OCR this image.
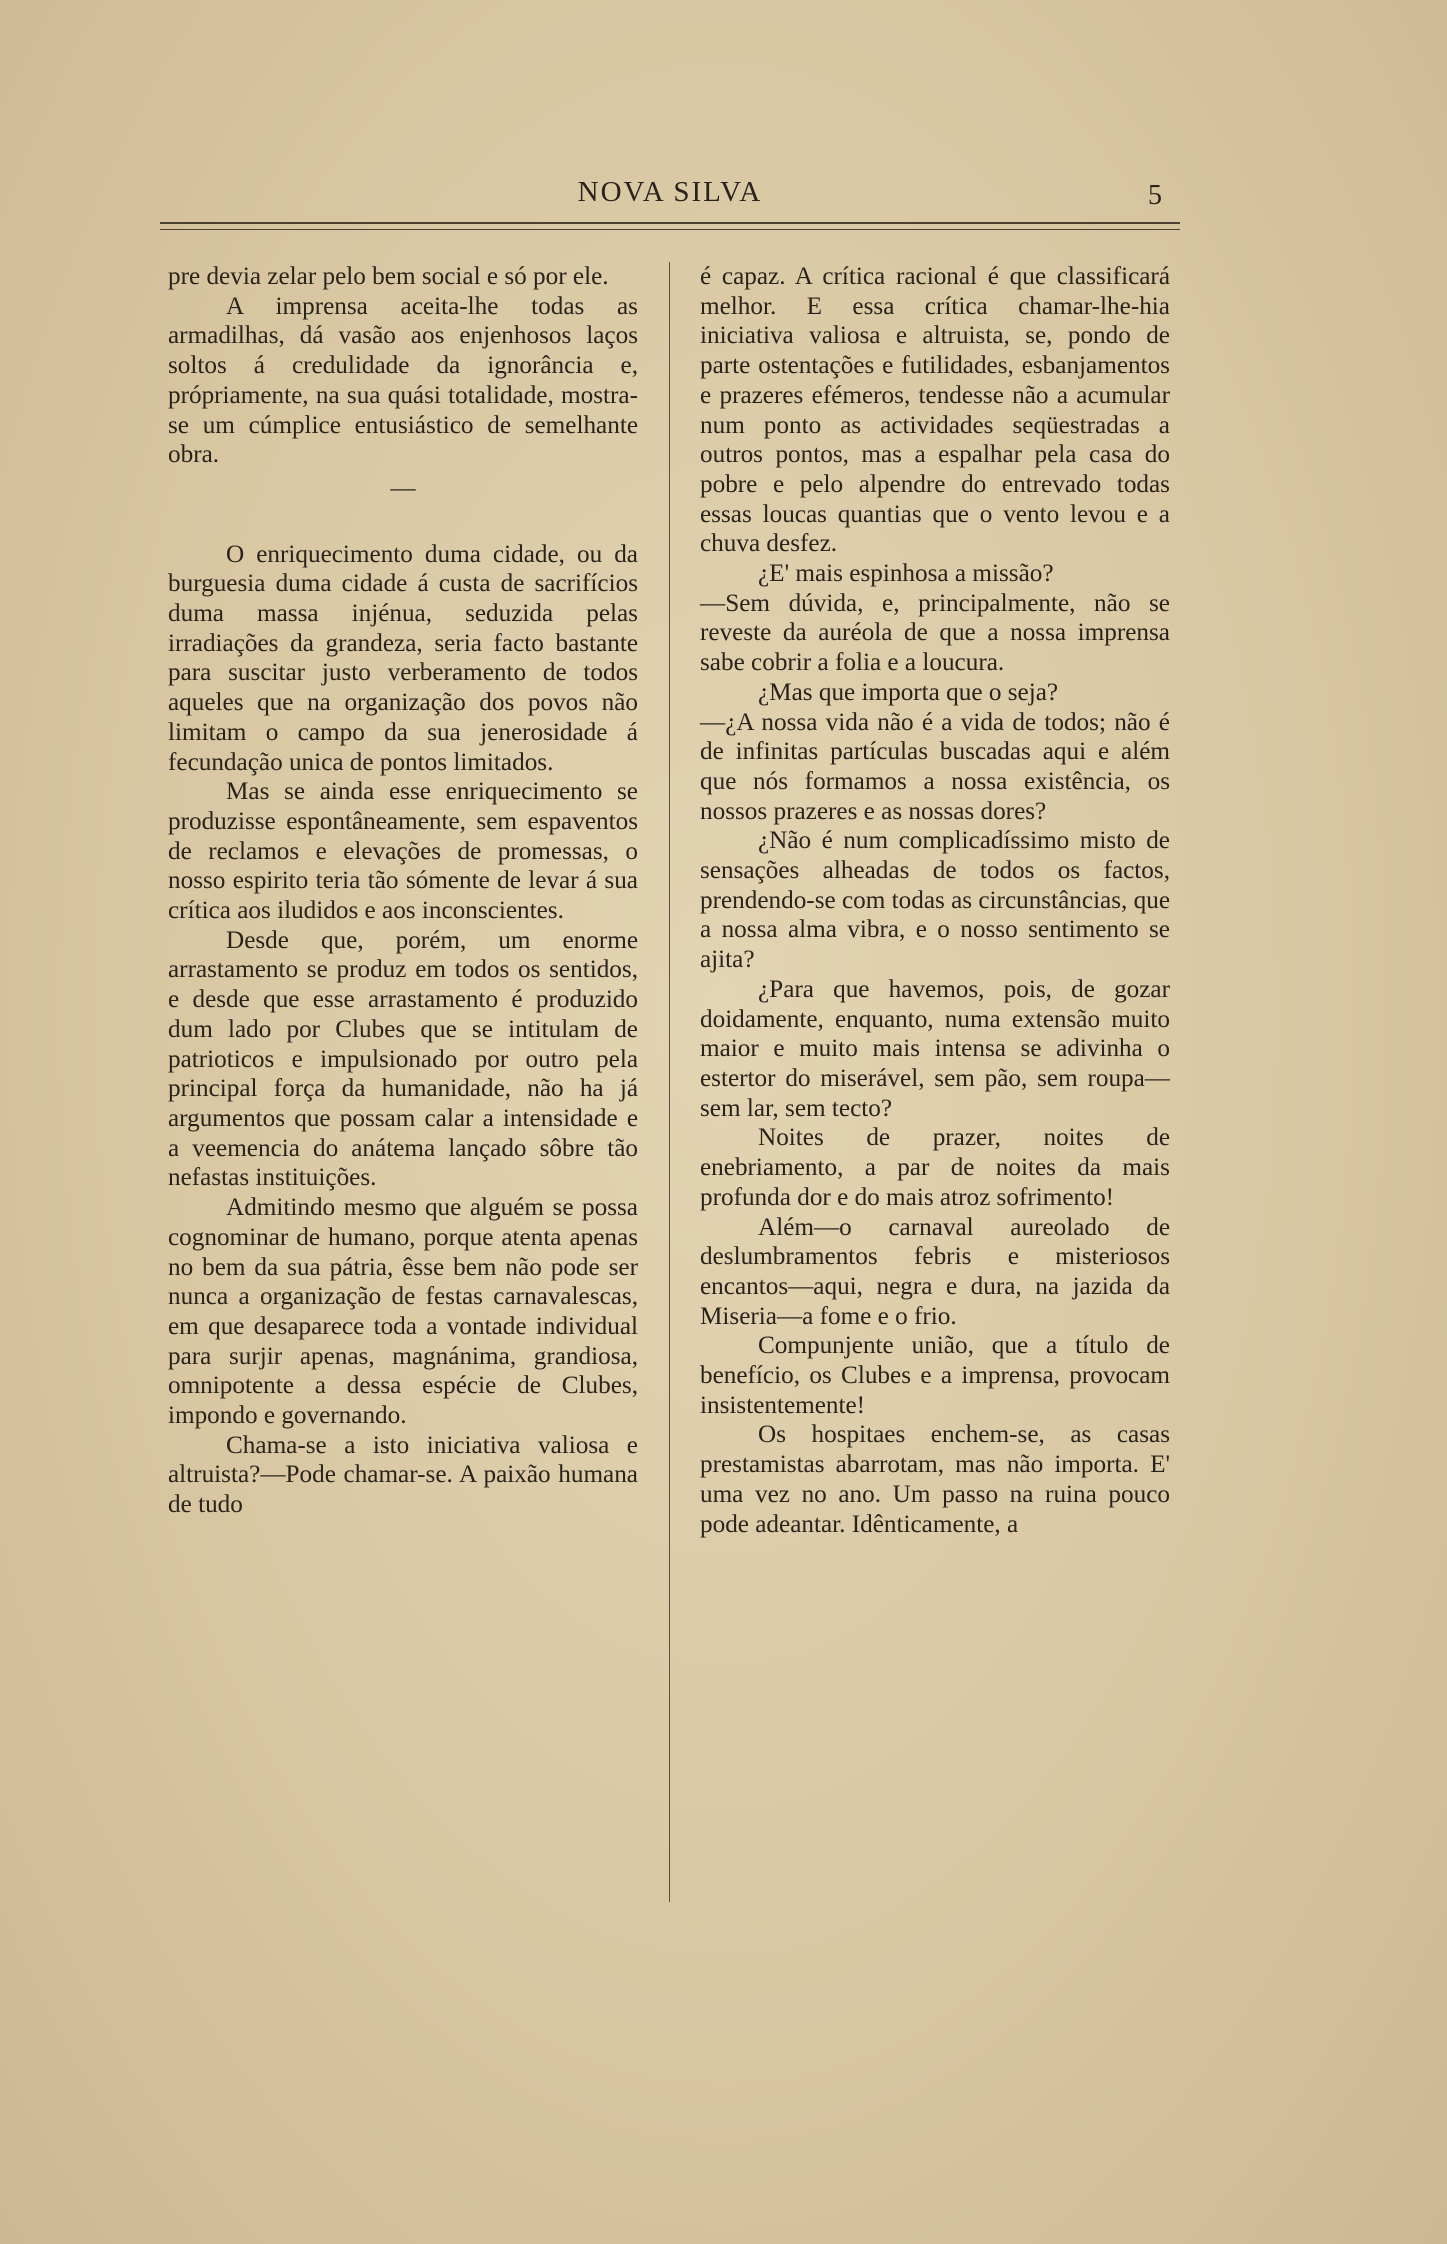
NOVA SILVA	5

pre devia zelar pelo bem social e só por ele.

A imprensa aceita-lhe todas as armadilhas, dá vasão aos enjenhosos laços soltos á credulidade da ignorância e, própriamente, na sua quási totalidade, mostra-se um cúmplice entusiástico de semelhante obra.

—

O enriquecimento duma cidade, ou da burguesia duma cidade á custa de sacrifícios duma massa injénua, seduzida pelas irradiações da grandeza, seria facto bastante para suscitar justo verberamento de todos aqueles que na organização dos povos não limitam o campo da sua jenerosidade á fecundação unica de pontos limitados.

Mas se ainda esse enriquecimento se produzisse espontâneamente, sem espaventos de reclamos e elevações de promessas, o nosso espirito teria tão sómente de levar á sua crítica aos iludidos e aos inconscientes.

Desde que, porém, um enorme arrastamento se produz em todos os sentidos, e desde que esse arrastamento é produzido dum lado por Clubes que se intitulam de patrioticos e impulsionado por outro pela principal força da humanidade, não ha já argumentos que possam calar a intensidade e a veemencia do anátema lançado sôbre tão nefastas instituições.

Admitindo mesmo que alguém se possa cognominar de humano, porque atenta apenas no bem da sua pátria, êsse bem não pode ser nunca a organização de festas carnavalescas, em que desaparece toda a vontade individual para surjir apenas, magnánima, grandiosa, omnipotente a dessa espécie de Clubes, impondo e governando.

Chama-se a isto iniciativa valiosa e altruista?—Pode chamar-se. A paixão humana de tudo

é capaz. A crítica racional é que classificará melhor. E essa crítica chamar-lhe-hia iniciativa valiosa e altruista, se, pondo de parte ostentações e futilidades, esbanjamentos e prazeres efémeros, tendesse não a acumular num ponto as actividades seqüestradas a outros pontos, mas a espalhar pela casa do pobre e pelo alpendre do entrevado todas essas loucas quantias que o vento levou e a chuva desfez.

¿E' mais espinhosa a missão?

—Sem dúvida, e, principalmente, não se reveste da auréola de que a nossa imprensa sabe cobrir a folia e a loucura.

¿Mas que importa que o seja?

—¿A nossa vida não é a vida de todos; não é de infinitas partículas buscadas aqui e além que nós formamos a nossa existência, os nossos prazeres e as nossas dores?

¿Não é num complicadíssimo misto de sensações alheadas de todos os factos, prendendo-se com todas as circunstâncias, que a nossa alma vibra, e o nosso sentimento se ajita?

¿Para que havemos, pois, de gozar doidamente, enquanto, numa extensão muito maior e muito mais intensa se adivinha o estertor do miserável, sem pão, sem roupa—sem lar, sem tecto?

Noites de prazer, noites de enebriamento, a par de noites da mais profunda dor e do mais atroz sofrimento!

Além—o carnaval aureolado de deslumbramentos febris e misteriosos encantos—aqui, negra e dura, na jazida da Miseria—a fome e o frio.

Compunjente união, que a título de benefício, os Clubes e a imprensa, provocam insistentemente!

Os hospitaes enchem-se, as casas prestamistas abarrotam, mas não importa. E' uma vez no ano. Um passo na ruina pouco pode adeantar. Idênticamente, a
